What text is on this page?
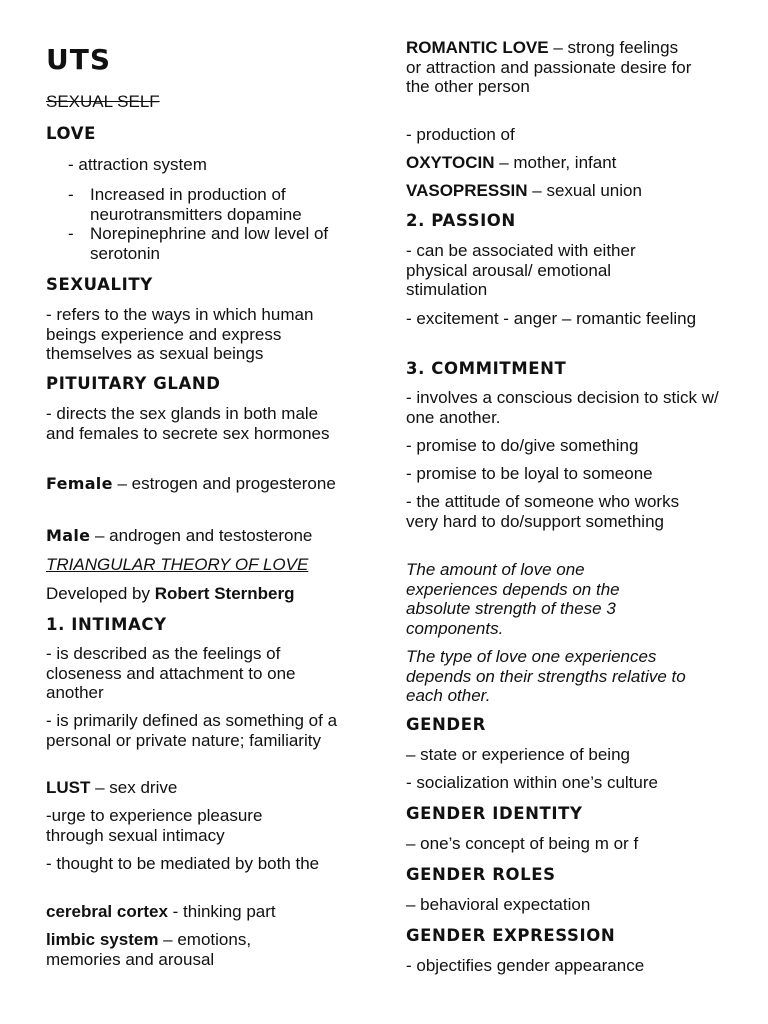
UTS
SEXUAL SELF
LOVE
- attraction system
- Increased in production of neurotransmitters dopamine
- Norepinephrine and low level of serotonin
SEXUALITY
- refers to the ways in which human beings experience and express themselves as sexual beings
PITUITARY GLAND
- directs the sex glands in both male and females to secrete sex hormones
Female – estrogen and progesterone
Male – androgen and testosterone
TRIANGULAR THEORY OF LOVE
Developed by Robert Sternberg
1. INTIMACY
- is described as the feelings of closeness and attachment to one another
- is primarily defined as something of a personal or private nature; familiarity
LUST – sex drive
-urge to experience pleasure through sexual intimacy
- thought to be mediated by both the
cerebral cortex - thinking part
limbic system – emotions, memories and arousal
ROMANTIC LOVE – strong feelings or attraction and passionate desire for the other person
- production of
OXYTOCIN – mother, infant
VASOPRESSIN – sexual union
2. PASSION
- can be associated with either physical arousal/ emotional stimulation
- excitement - anger – romantic feeling
3. COMMITMENT
- involves a conscious decision to stick w/ one another.
- promise to do/give something
- promise to be loyal to someone
- the attitude of someone who works very hard to do/support something
The amount of love one experiences depends on the absolute strength of these 3 components.
The type of love one experiences depends on their strengths relative to each other.
GENDER
– state or experience of being
- socialization within one’s culture
GENDER IDENTITY
– one’s concept of being m or f
GENDER ROLES
– behavioral expectation
GENDER EXPRESSION
- objectifies gender appearance
